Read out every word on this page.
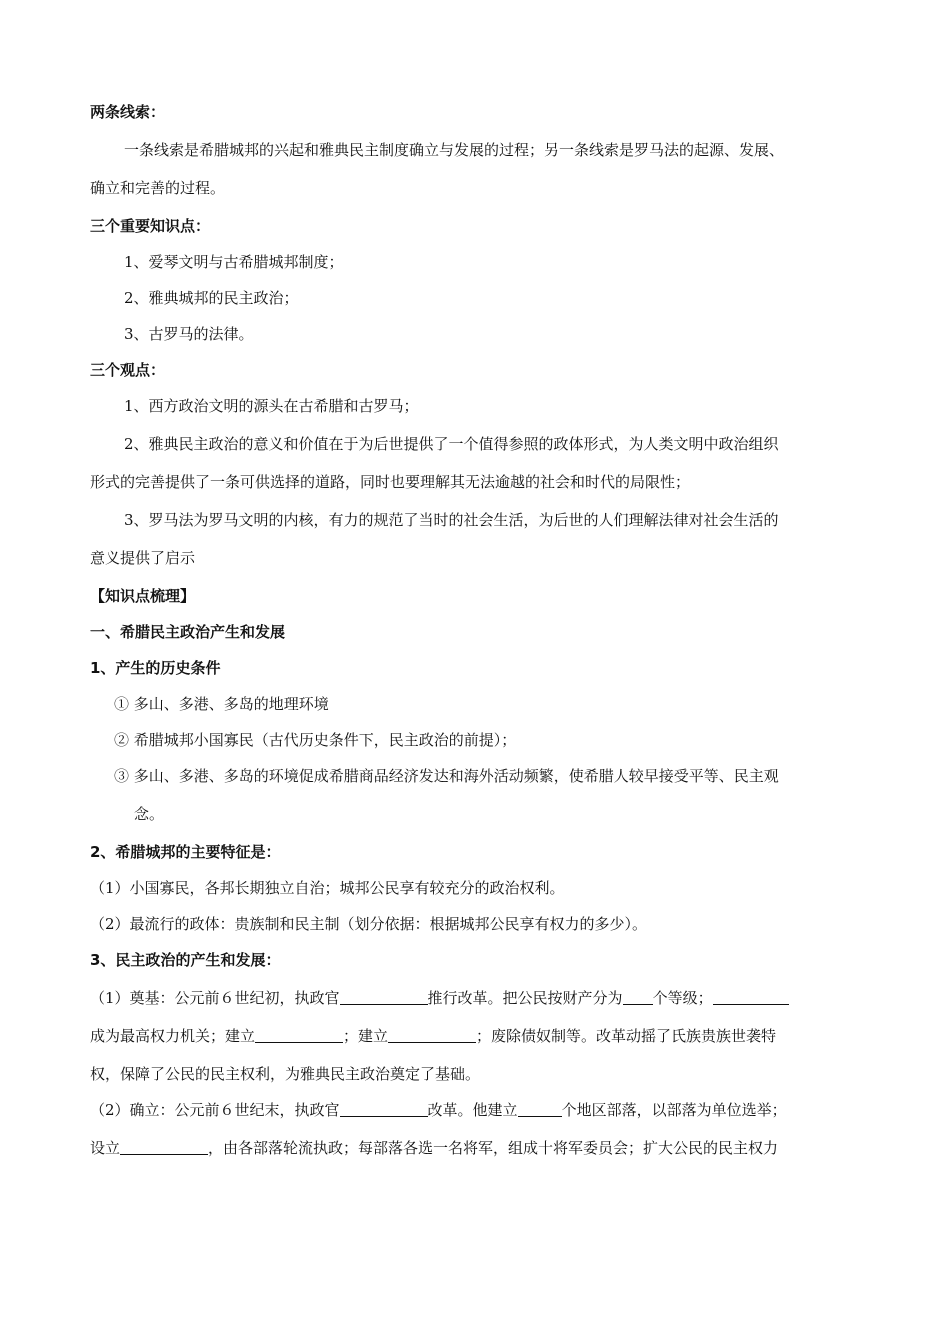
两条线索：
一条线索是希腊城邦的兴起和雅典民主制度确立与发展的过程；另一条线索是罗马法的起源、发展、
确立和完善的过程。
三个重要知识点：
1、爱琴文明与古希腊城邦制度；
2、雅典城邦的民主政治；
3、古罗马的法律。
三个观点：
1、西方政治文明的源头在古希腊和古罗马；
2、雅典民主政治的意义和价值在于为后世提供了一个值得参照的政体形式，为人类文明中政治组织
形式的完善提供了一条可供选择的道路，同时也要理解其无法逾越的社会和时代的局限性；
3、罗马法为罗马文明的内核，有力的规范了当时的社会生活，为后世的人们理解法律对社会生活的
意义提供了启示
【知识点梳理】
一、希腊民主政治产生和发展
1、产生的历史条件
① 多山、多港、多岛的地理环境
② 希腊城邦小国寡民（古代历史条件下，民主政治的前提）；
③ 多山、多港、多岛的环境促成希腊商品经济发达和海外活动频繁，使希腊人较早接受平等、民主观
念。
2、希腊城邦的主要特征是：
（1）小国寡民，各邦长期独立自治；城邦公民享有较充分的政治权利。
（2）最流行的政体：贵族制和民主制（划分依据：根据城邦公民享有权力的多少）。
3、民主政治的产生和发展：
（1）奠基：公元前６世纪初，执政官	推行改革。把公民按财产分为 个等级；
成为最高权力机关；建立	；建立	；废除债奴制等。改革动摇了氏族贵族世袭特
权，保障了公民的民主权利，为雅典民主政治奠定了基础。
（2）确立：公元前６世纪末，执政官	改革。他建立	个地区部落，以部落为单位选举；
设立	，由各部落轮流执政；每部落各选一名将军，组成十将军委员会；扩大公民的民主权力
